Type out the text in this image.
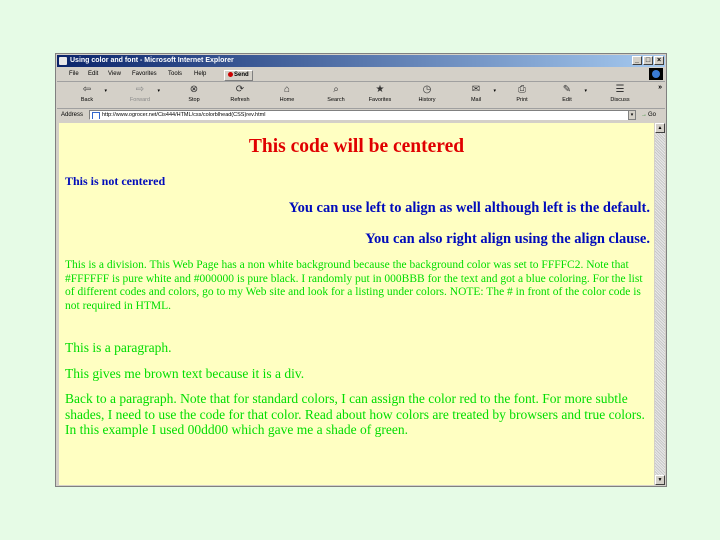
Using color and font - Microsoft Internet Explorer	_ □ ×
File Edit View Favorites Tools Help	Send
⇦
Back
▾	⇨
Forward
▾	⊗
Stop
⟳
Refresh
⌂
Home
⌕
Search
★
Favorites
◷
History
✉
Mail
▾ ⎙
Print
✎
Edit
▾	☰
Discuss
»
Address	http://www.ogrocer.net/Cis444/HTML/css/colorblhead(CSS)rev.html	▾
→	Go
This code will be centered
This is not centered
You can use left to align as well although left is the default.
You can also right align using the align clause.
This is a division. This Web Page has a non white background because the background color was set to FFFFC2. Note that #FFFFFF is pure white and #000000 is pure black. I randomly put in 000BBB for the text and got a blue coloring. For the list of different codes and colors, go to my Web site and look for a listing under colors. NOTE: The # in front of the color code is not required in HTML.
This is a paragraph.
This gives me brown text because it is a div.
Back to a paragraph. Note that for standard colors, I can assign the color red to the font. For more subtle shades, I need to use the code for that color. Read about how colors are treated by browsers and true colors. In this example I used 00dd00 which gave me a shade of green.
▲
▼
